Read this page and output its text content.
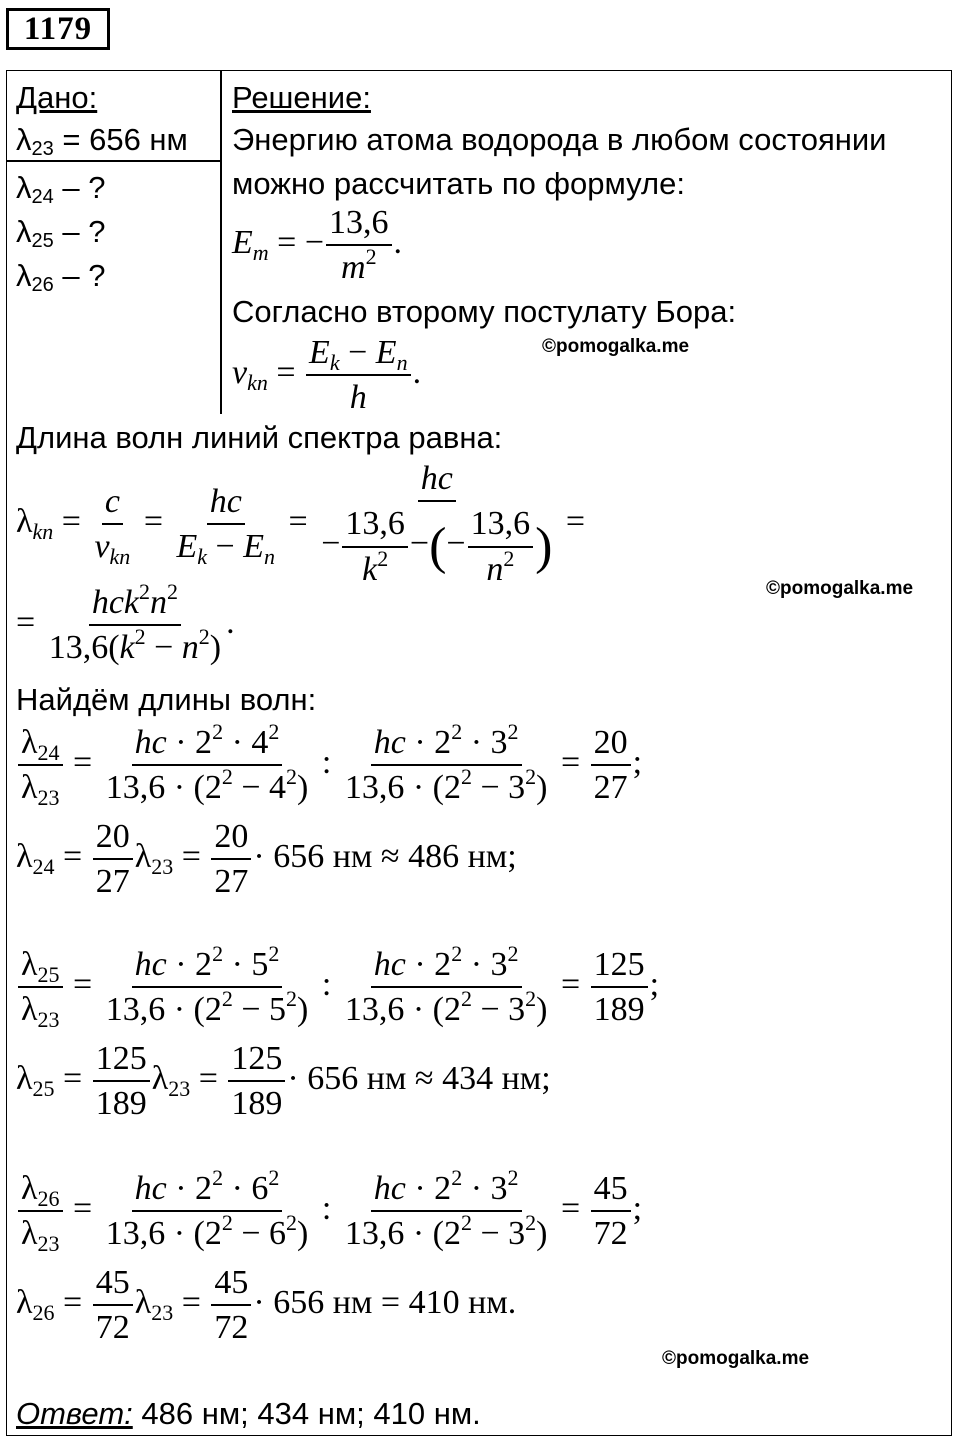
1179
Дано:
$\lambda_{23} = 656$ нм
$\lambda_{24}$ – ?
$\lambda_{25}$ – ?
$\lambda_{26}$ – ?
Решение:
Энергию атома водорода в любом состоянии
можно рассчитать по формуле:
$E_m$ = − $\frac{13,6}{m^2}$ .
Согласно второму постулату Бора:
©pomogalka.me
$\nu_{kn} = \frac{E_k - E_n}{h}$ .
Длина волн линий спектра равна:
$\lambda_{kn}$ =
c
$\nu_{kn}$
= $\frac{hc}{E_k - E_n} = \frac{hc}{- \frac{13,6}{k^2} -(- \frac{13,6}{n^2} )}$ =
©pomogalka.me
=
$hck^2n^2$
$13,6(k^2 - n^2)$
.
Найдём длины волн:
$\frac{\lambda_{24}}{\lambda_{23}} = \frac{hc \cdot 2^2 \cdot 4^2}{13,6 \cdot (2^2 - 4^2)}$ : $\frac{hc \cdot 2^2 \cdot 3^2}{13,6 \cdot (2^2 - 3^2)} = \frac{20}{27}$ ;
$\lambda_{24} = \frac{20}{27} \lambda_{23} = \frac{20}{27} \cdot 656$ нм ≈ 486 нм;
$\frac{\lambda_{25}}{\lambda_{23}} = \frac{hc \cdot 2^2 \cdot 5^2}{13,6 \cdot (2^2 - 5^2)}$ : $\frac{hc \cdot 2^2 \cdot 3^2}{13,6 \cdot (2^2 - 3^2)} = \frac{125}{189}$ ;
$\lambda_{25} = \frac{125}{189} \lambda_{23} = \frac{125}{189} \cdot 656$ нм ≈ 434 нм;
$\frac{\lambda_{26}}{\lambda_{23}} = \frac{hc \cdot 2^2 \cdot 6^2}{13,6 \cdot (2^2 - 6^2)}$ : $\frac{hc \cdot 2^2 \cdot 3^2}{13,6 \cdot (2^2 - 3^2)} = \frac{45}{72}$ ;
$\lambda_{26} = \frac{45}{72} \lambda_{23} = \frac{45}{72} \cdot 656$ нм = 410 нм.
©pomogalka.me
Ответ: 486 нм; 434 нм; 410 нм.
